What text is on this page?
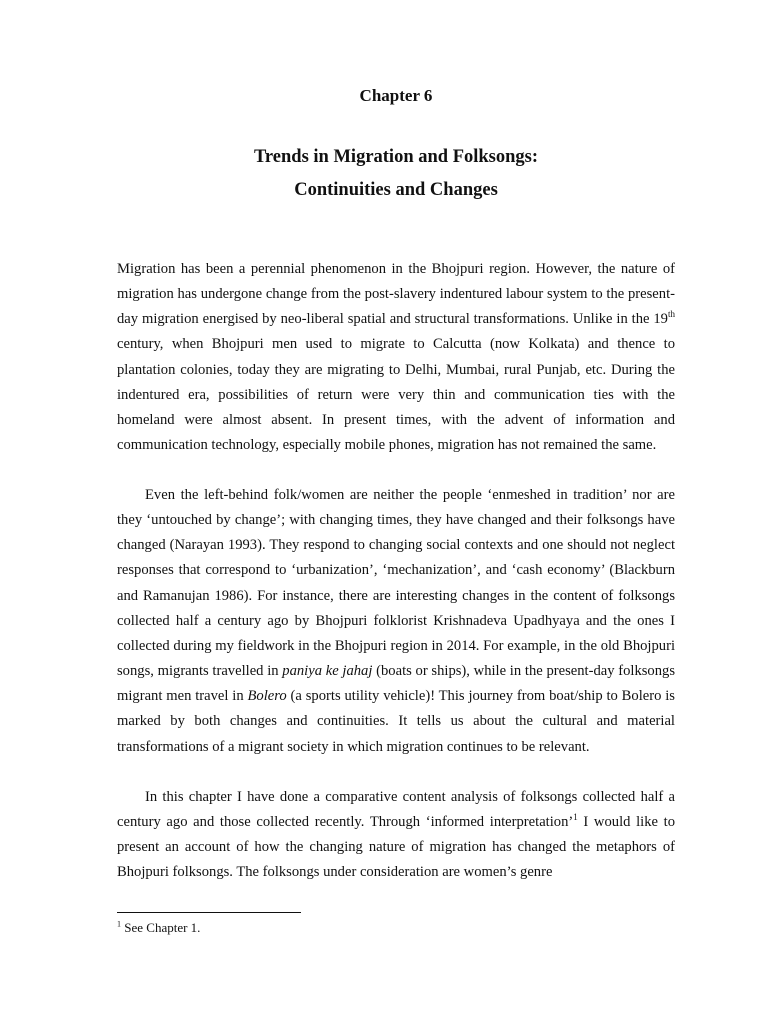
Chapter 6
Trends in Migration and Folksongs:
Continuities and Changes

Migration has been a perennial phenomenon in the Bhojpuri region. However, the nature of migration has undergone change from the post-slavery indentured labour system to the present-day migration energised by neo-liberal spatial and structural transformations. Unlike in the 19th century, when Bhojpuri men used to migrate to Calcutta (now Kolkata) and thence to plantation colonies, today they are migrating to Delhi, Mumbai, rural Punjab, etc. During the indentured era, possibilities of return were very thin and communication ties with the homeland were almost absent. In present times, with the advent of information and communication technology, especially mobile phones, migration has not remained the same.

Even the left-behind folk/women are neither the people ‘enmeshed in tradition’ nor are they ‘untouched by change’; with changing times, they have changed and their folksongs have changed (Narayan 1993). They respond to changing social contexts and one should not neglect responses that correspond to ‘urbanization’, ‘mechanization’, and ‘cash economy’ (Blackburn and Ramanujan 1986). For instance, there are interesting changes in the content of folksongs collected half a century ago by Bhojpuri folklorist Krishnadeva Upadhyaya and the ones I collected during my fieldwork in the Bhojpuri region in 2014. For example, in the old Bhojpuri songs, migrants travelled in paniya ke jahaj (boats or ships), while in the present-day folksongs migrant men travel in Bolero (a sports utility vehicle)! This journey from boat/ship to Bolero is marked by both changes and continuities. It tells us about the cultural and material transformations of a migrant society in which migration continues to be relevant.

In this chapter I have done a comparative content analysis of folksongs collected half a century ago and those collected recently. Through ‘informed interpretation’$^1$ I would like to present an account of how the changing nature of migration has changed the metaphors of Bhojpuri folksongs. The folksongs under consideration are women’s genre

$^1$ See Chapter 1.
